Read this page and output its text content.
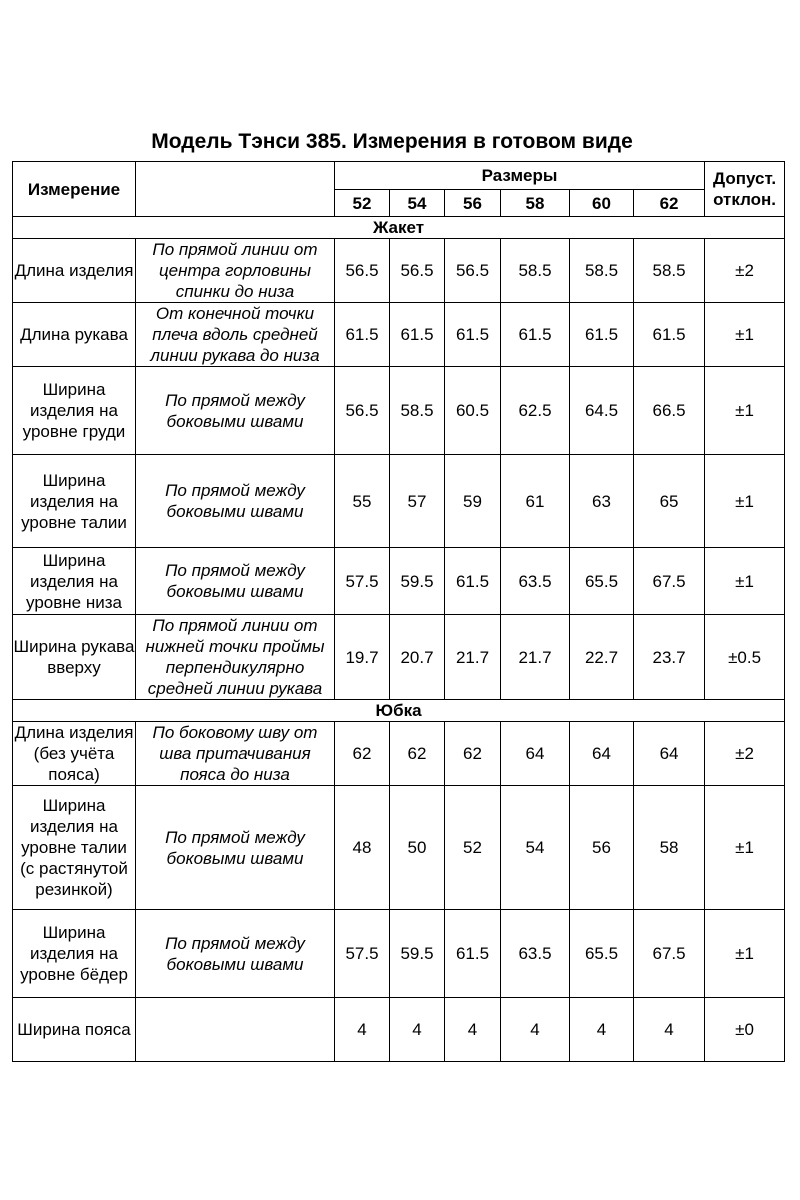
Модель Тэнси 385. Измерения в готовом виде
Измерение		Размеры						Допуст. отклон.
		52	54	56	58	60	62	
Жакет								
Длина изделия	По прямой линии от центра горловины спинки до низа	56.5	56.5	56.5	58.5	58.5	58.5	±2
Длина рукава	От конечной точки плеча вдоль средней линии рукава до низа	61.5	61.5	61.5	61.5	61.5	61.5	±1
Ширина изделия на уровне груди	По прямой между боковыми швами	56.5	58.5	60.5	62.5	64.5	66.5	±1
Ширина изделия на уровне талии	По прямой между боковыми швами	55	57	59	61	63	65	±1
Ширина изделия на уровне низа	По прямой между боковыми швами	57.5	59.5	61.5	63.5	65.5	67.5	±1
Ширина рукава вверху	По прямой линии от нижней точки проймы перпендикулярно средней линии рукава	19.7	20.7	21.7	21.7	22.7	23.7	±0.5
Юбка								
Длина изделия (без учёта пояса)	По боковому шву от шва притачивания пояса до низа	62	62	62	64	64	64	±2
Ширина изделия на уровне талии (с растянутой резинкой)	По прямой между боковыми швами	48	50	52	54	56	58	±1
Ширина изделия на уровне бёдер	По прямой между боковыми швами	57.5	59.5	61.5	63.5	65.5	67.5	±1
Ширина пояса		4	4	4	4	4	4	±0
